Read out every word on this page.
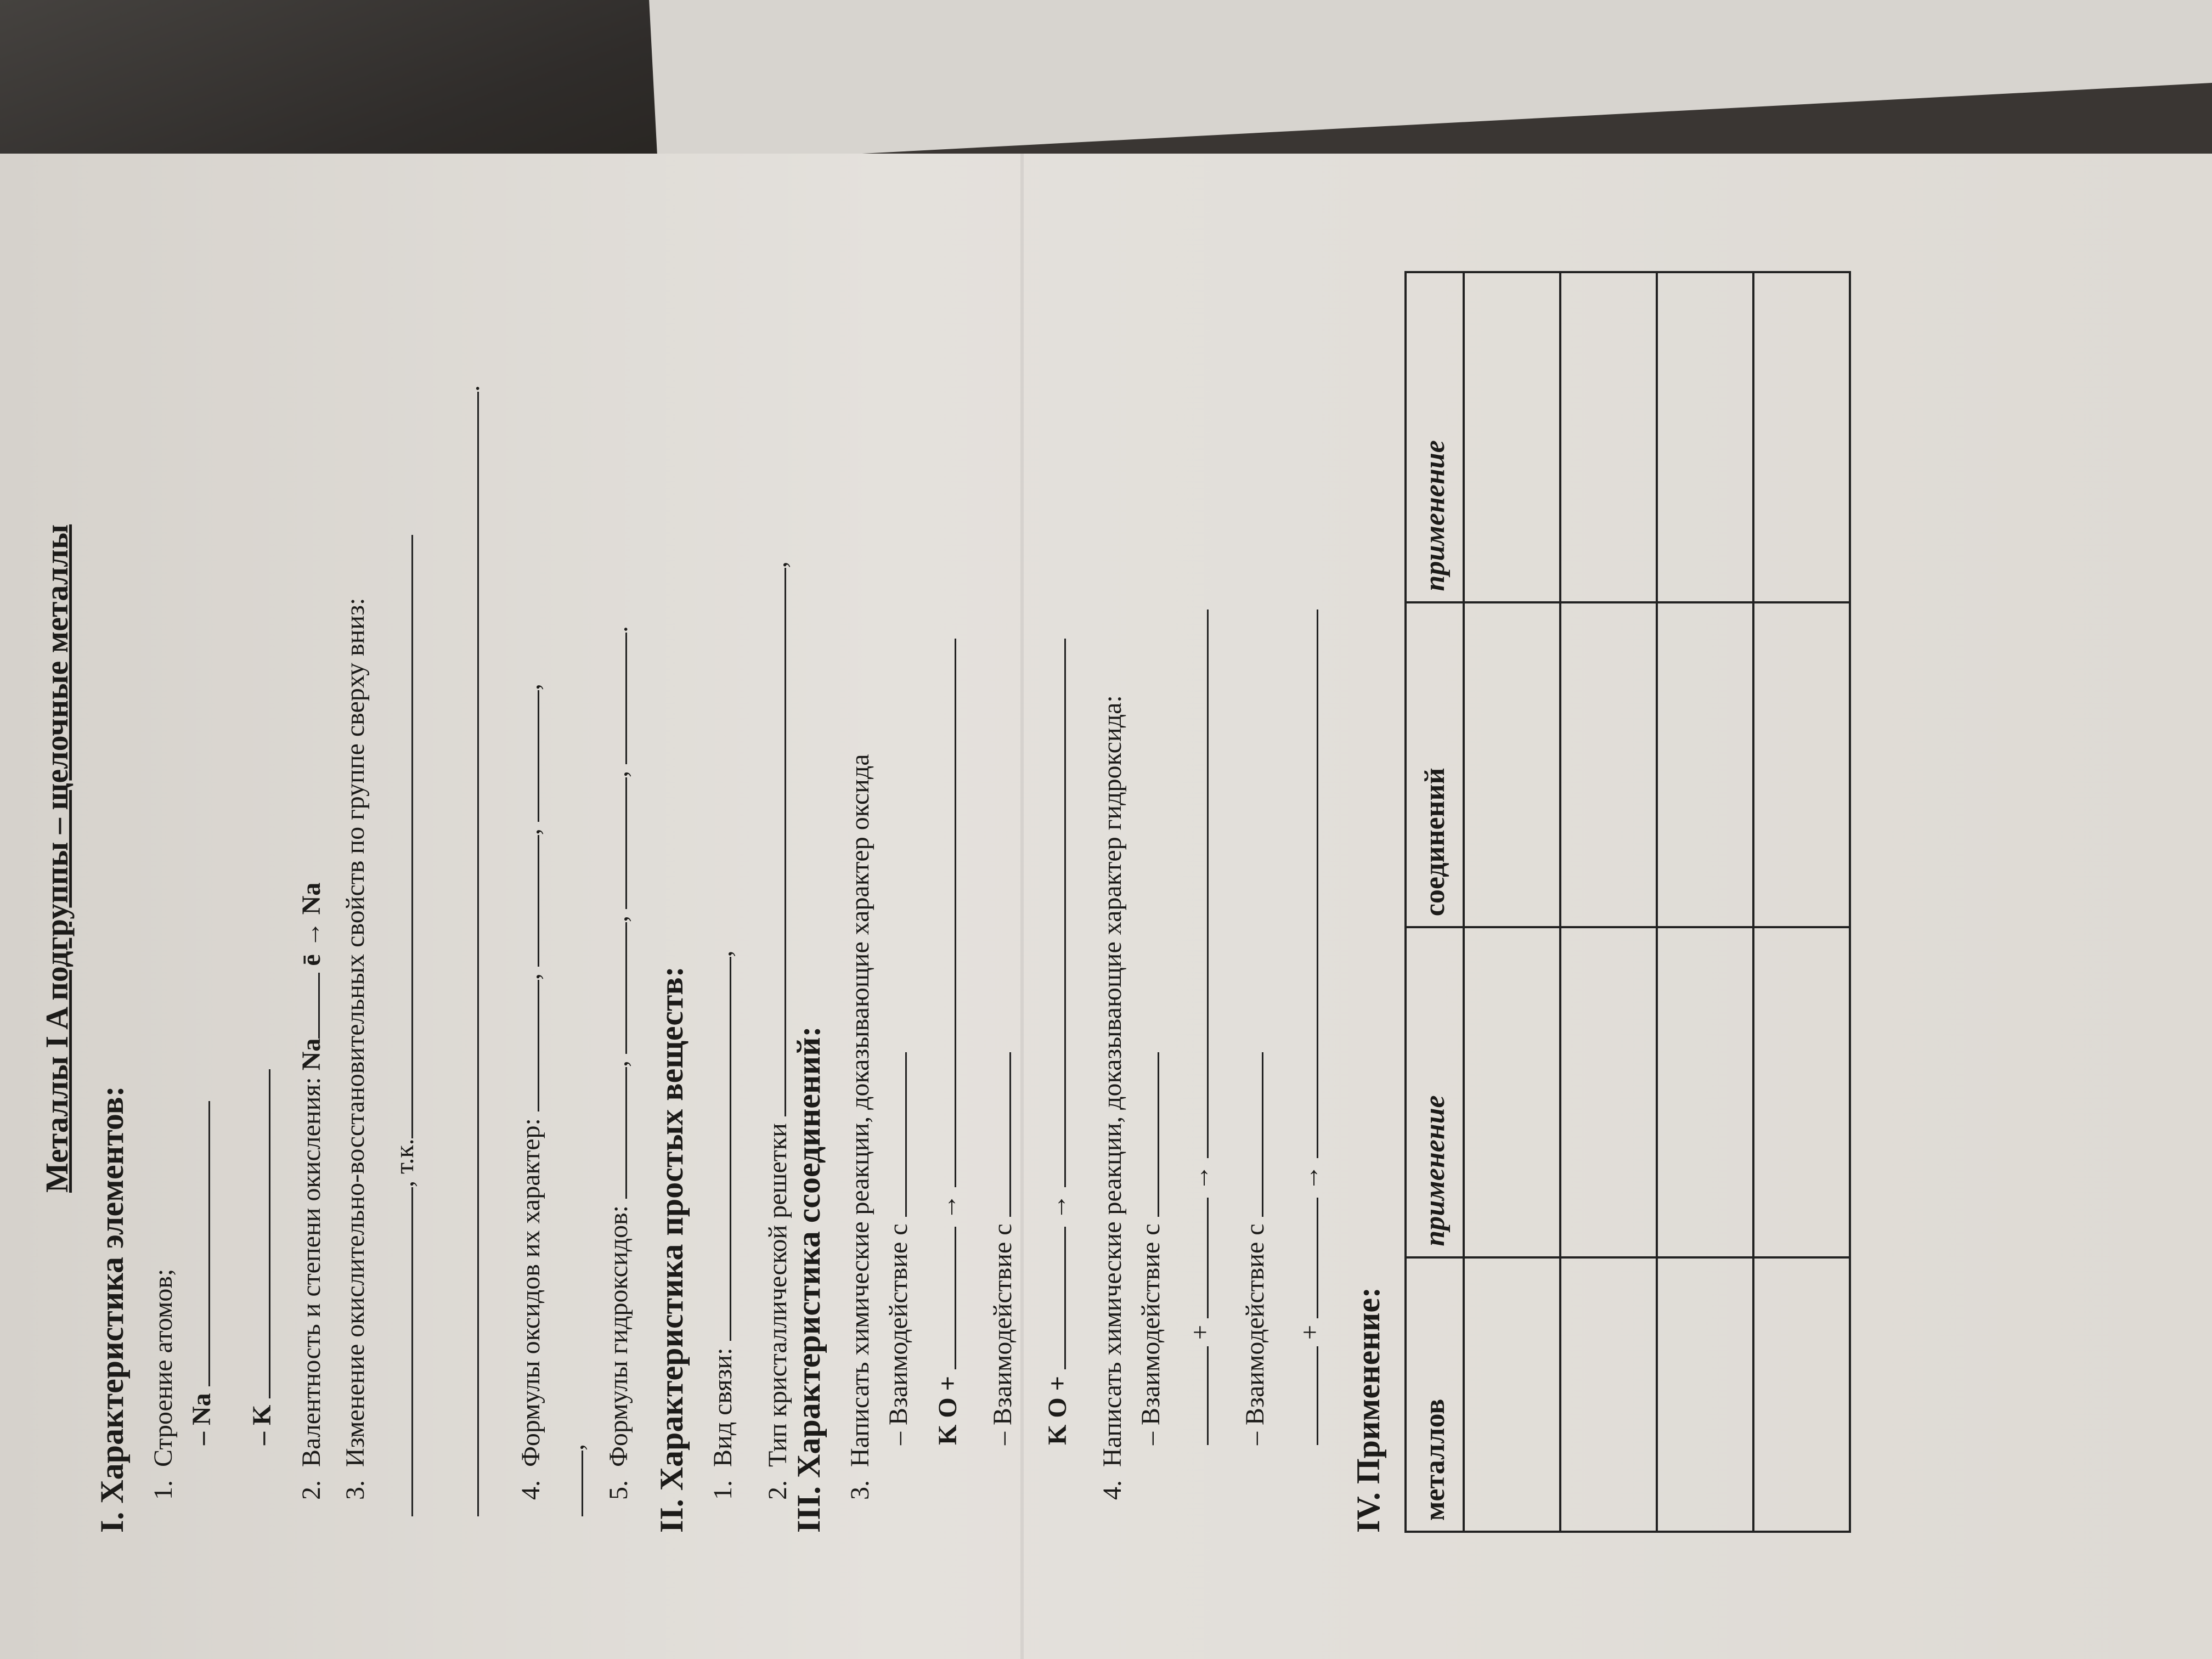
Металлы I A подгруппы – щелочные металлы
I. Характеристика элементов: 1.  Строение атомов; – Na – K
2.  Валентность и степени окисления: Na ē → Na
3.  Изменение окислительно-восстановительных свойств по группе сверху вниз: , т.к.
.
4.  Формулы оксидов их характер: , , ,
,
5.  Формулы гидроксидов: , , , .
II. Характеристика простых веществ: 1.  Вид связи: ,
2.  Тип кристаллической решетки ,
III. Характеристика ссоединений: 3.  Написать химические реакции, доказывающие характер оксида – Взаимодействие с K O +  →
– Взаимодействие с K O +  →
4.  Написать химические реакции, доказывающие характер гидроксида: – Взаимодействие с +  →
– Взаимодействие с +  →
IV. Применение: металлов	применение	соединений	применение
